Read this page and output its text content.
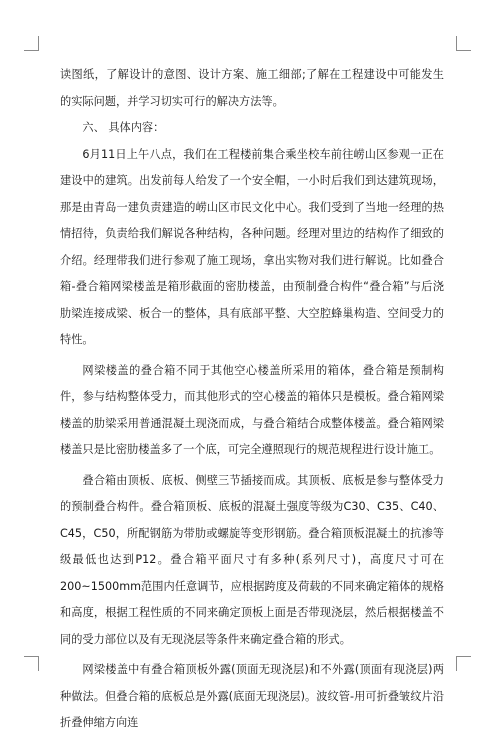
读图纸，了解设计的意图、设计方案、施工细部;了解在工程建设中可能发生的实际问题，并学习切实可行的解决方法等。

六、 具体内容：

6月11日上午八点，我们在工程楼前集合乘坐校车前往崂山区参观一正在建设中的建筑。出发前每人给发了一个安全帽，一小时后我们到达建筑现场，那是由青岛一建负责建造的崂山区市民文化中心。我们受到了当地一经理的热情招待，负责给我们解说各种结构，各种问题。经理对里边的结构作了细致的介绍。经理带我们进行参观了施工现场，拿出实物对我们进行解说。比如叠合箱-叠合箱网梁楼盖是箱形截面的密肋楼盖，由预制叠合构件“叠合箱”与后浇肋梁连接成梁、板合一的整体，具有底部平整、大空腔蜂巢构造、空间受力的特性。

网梁楼盖的叠合箱不同于其他空心楼盖所采用的箱体，叠合箱是预制构件，参与结构整体受力，而其他形式的空心楼盖的箱体只是模板。叠合箱网梁楼盖的肋梁采用普通混凝土现浇而成，与叠合箱结合成整体楼盖。叠合箱网梁楼盖只是比密肋楼盖多了一个底，可完全遵照现行的规范规程进行设计施工。

叠合箱由顶板、底板、侧壁三节插接而成。其顶板、底板是参与整体受力的预制叠合构件。叠合箱顶板、底板的混凝土强度等级为C30、C35、C40、C45，C50，所配钢筋为带肋或螺旋等变形钢筋。叠合箱顶板混凝土的抗渗等级最低也达到P12。叠合箱平面尺寸有多种(系列尺寸)，高度尺寸可在200~1500mm范围内任意调节，应根据跨度及荷载的不同来确定箱体的规格和高度，根据工程性质的不同来确定顶板上面是否带现浇层，然后根据楼盖不同的受力部位以及有无现浇层等条件来确定叠合箱的形式。

网梁楼盖中有叠合箱顶板外露(顶面无现浇层)和不外露(顶面有现浇层)两种做法。但叠合箱的底板总是外露(底面无现浇层)。波纹管-用可折叠皱纹片沿折叠伸缩方向连
